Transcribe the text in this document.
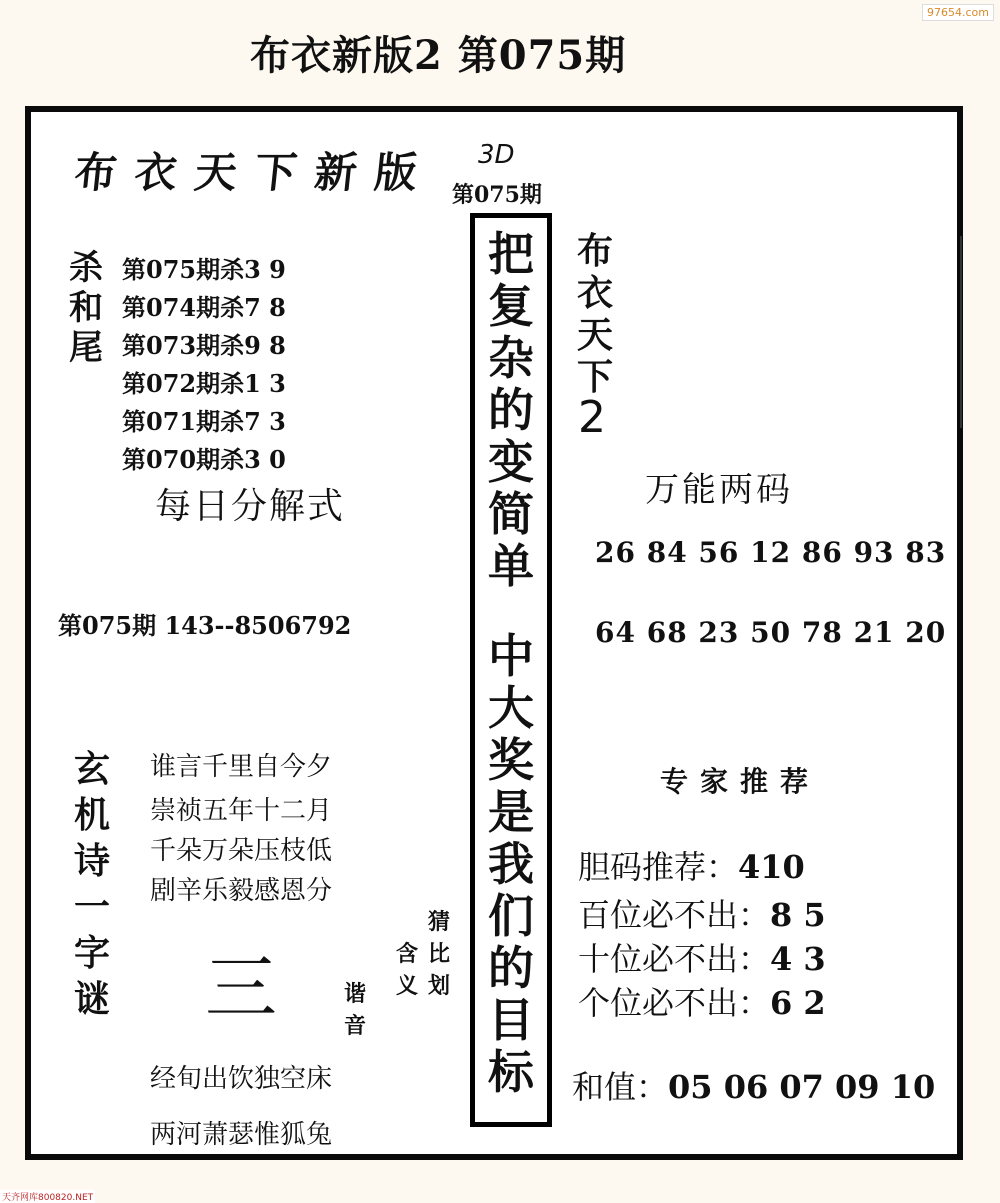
97654.com
布衣新版2 第075期
布衣天下新版 3D
第075期
杀
和
尾
第075期杀3 9
第074期杀7 8
第073期杀9 8
第072期杀1 3
第071期杀7 3
第070期杀3 0
每日分解式
第075期 143--8506792
玄
机
诗
一
字
谜
谁言千里自今夕
崇祯五年十二月
千朵万朵压枝低
剧辛乐毅感恩分
三
猜
比
划
含
义
谐
音
经旬出饮独空床
两河萧瑟惟狐兔
把
复
杂
的
变
简
单
中
大
奖
是
我
们
的
目
标
布
衣
天
下
2
万能两码
26 84 56 12 86 93 83
64 68 23 50 78 21 20
专家推荐
胆码推荐：410
百位必不出：8 5
十位必不出：4 3
个位必不出：6 2
和值：05 06 07 09 10
天齐网库800820.NET
